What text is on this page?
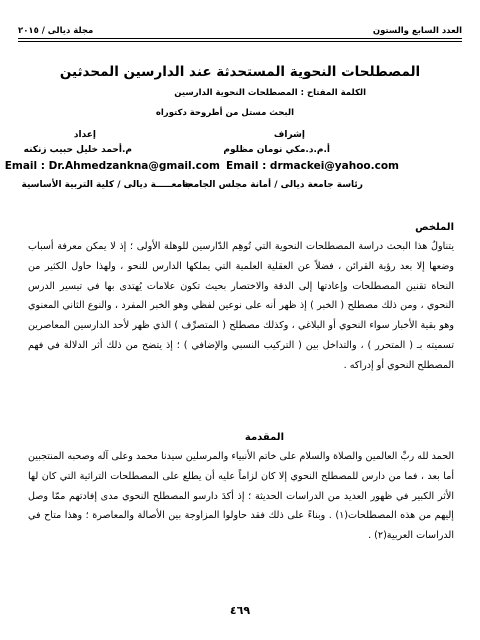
العدد السابع والستون
مجلة ديالى / ٢٠١٥
المصطلحات النحوية المستحدثة عند الدارسين المحدثين
الكلمة المفتاح : المصطلحات النحوية الدارسين
البحث مستل من أطروحة دكتوراه
إشراف
أ.م.د.مكي نومان مظلوم
Email : drmackei@yahoo.com
رئاسة جامعة ديالى / أمانة مجلس الجامعة
إعداد
م.أحمد خليل حبيب زنكنه
Email : Dr.Ahmedzankna@gmail.com
جامعـــــة ديالى / كلية التربية الأساسية
الملخص

يتناولُ هذا البحث دراسة المصطلحات النحوية التي تُوهِم الدّارسين للوهلة الأولى ؛ إذ لا يمكن معرفة أسباب وضعها إلا بعد رؤية القرائن ، فضلاً عن العقلية العلمية التي يملكها الدارس للنحو ، ولهذا حاول الكثير من النحاة تقنين المصطلحات وإعادتها إلى الدقة والاختصار بحيث تكون علامات يُهتدى بها في تيسير الدرس النحوي ، ومن ذلك مصطلح ( الخبر ) إذ ظهر أنه على نوعين لفظي وهو الخبر المفرد ، والنوع الثاني المعنوي وهو بقية الأخبار سواء النحوي أو البلاغي ، وكذلك مصطلح ( المتصرِّف ) الذي ظهر لأحد الدارسين المعاصرين تسميته بـ ( المتحرر ) ، والتداخل بين ( التركيب النسبي والإضافي ) ؛ إذ يتضح من ذلك أثر الدلالة في فهم المصطلح النحوي أو إدراكه .

المقدمة

الحمد لله ربِّ العالمين والصلاة والسلام على خاتم الأنبياء والمرسلين سيدنا محمد وعلى آله وصحبه المنتجبين أما بعد ، فما من دارس للمصطلح النحوي إلا كان لزاماً عليه أن يطلع على المصطلحات التراثية التي كان لها الأثر الكبير في ظهور العديد من الدراسات الحديثة ؛ إذ أكدَ دارسو المصطلح النحوي مدى إفادتهم ممّا وصل إليهم من هذه المصطلحات(١) . وبناءً على ذلك فقد حاولوا المزاوجة بين الأصالة والمعاصرة ؛ وهذا متاح في الدراسات العربية(٢) .

٤٦٩
